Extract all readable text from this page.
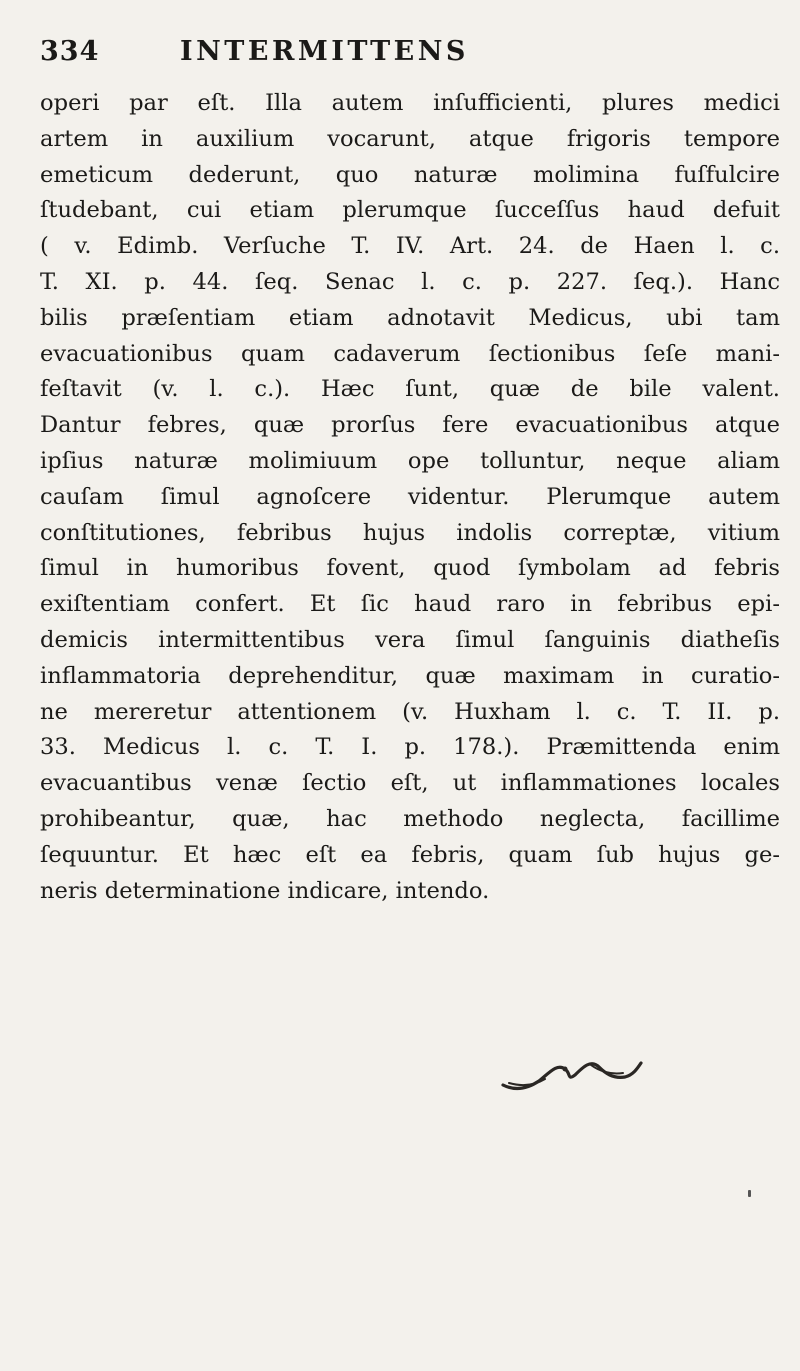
334	INTERMITTENS
operi par eſt. Illa autem inſufficienti, plures medici
artem in auxilium vocarunt, atque frigoris tempore
emeticum dederunt, quo naturæ molimina fuſfulcire
ſtudebant, cui etiam plerumque ſucceſſus haud defuit
( v. Edimb. Verſuche T. IV. Art. 24. de Haen l. c.
T. XI. p. 44. ſeq. Senac l. c. p. 227. ſeq.). Hanc
bilis præſentiam etiam adnotavit Medicus, ubi tam
evacuationibus quam cadaverum ſectionibus ſeſe mani-
feſtavit (v. l. c.). Hæc ſunt, quæ de bile valent.
Dantur febres, quæ prorſus fere evacuationibus atque
ipſius naturæ molimiuum ope tolluntur, neque aliam
cauſam ſimul agnoſcere videntur. Plerumque autem
conſtitutiones, febribus hujus indolis correptæ, vitium
ſimul in humoribus fovent, quod ſymbolam ad febris
exiſtentiam confert. Et ſic haud raro in febribus epi-
demicis intermittentibus vera ſimul ſanguinis diatheſis
inflammatoria deprehenditur, quæ maximam in curatio-
ne mereretur attentionem (v. Huxham l. c. T. II. p.
33. Medicus l. c. T. I. p. 178.). Præmittenda enim
evacuantibus venæ ſectio eſt, ut inflammationes locales
prohibeantur, quæ, hac methodo neglecta, facillime
ſequuntur. Et hæc eſt ea febris, quam ſub hujus ge-
neris determinatione indicare, intendo.
